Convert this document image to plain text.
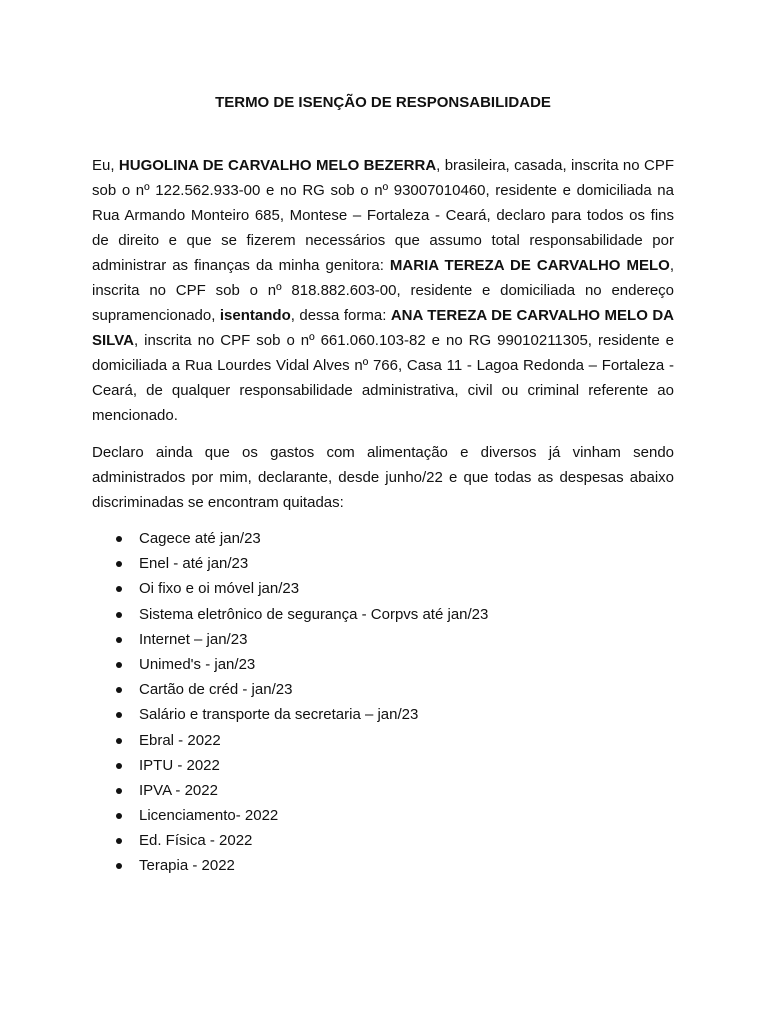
TERMO DE ISENÇÃO DE RESPONSABILIDADE

Eu, HUGOLINA DE CARVALHO MELO BEZERRA, brasileira, casada, inscrita no CPF sob o nº 122.562.933-00 e no RG sob o nº 93007010460, residente e domiciliada na Rua Armando Monteiro 685, Montese – Fortaleza - Ceará, declaro para todos os fins de direito e que se fizerem necessários que assumo total responsabilidade por administrar as finanças da minha genitora: MARIA TEREZA DE CARVALHO MELO, inscrita no CPF sob o nº 818.882.603-00, residente e domiciliada no endereço supramencionado, isentando, dessa forma: ANA TEREZA DE CARVALHO MELO DA SILVA, inscrita no CPF sob o nº 661.060.103-82 e no RG 99010211305, residente e domiciliada a Rua Lourdes Vidal Alves nº 766, Casa 11 - Lagoa Redonda – Fortaleza - Ceará, de qualquer responsabilidade administrativa, civil ou criminal referente ao mencionado.

Declaro ainda que os gastos com alimentação e diversos já vinham sendo administrados por mim, declarante, desde junho/22 e que todas as despesas abaixo discriminadas se encontram quitadas:

Cagece até jan/23
Enel - até jan/23
Oi fixo e oi móvel jan/23
Sistema eletrônico de segurança - Corpvs até jan/23
Internet – jan/23
Unimed's - jan/23
Cartão de créd - jan/23
Salário e transporte da secretaria – jan/23
Ebral - 2022
IPTU - 2022
IPVA - 2022
Licenciamento- 2022
Ed. Física - 2022
Terapia - 2022
